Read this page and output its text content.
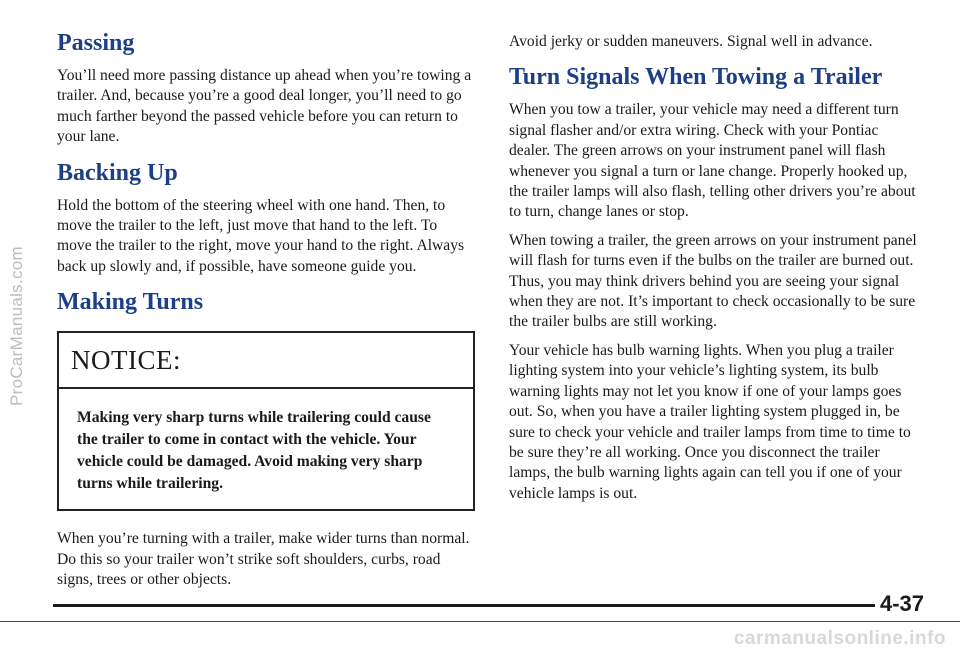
ProCarManuals.com
Passing

You’ll need more passing distance up ahead when you’re towing a trailer. And, because you’re a good deal longer, you’ll need to go much farther beyond the passed vehicle before you can return to your lane.

Backing Up

Hold the bottom of the steering wheel with one hand. Then, to move the trailer to the left, just move that hand to the left. To move the trailer to the right, move your hand to the right. Always back up slowly and, if possible, have someone guide you.

Making Turns
NOTICE:
Making very sharp turns while trailering could cause the trailer to come in contact with the vehicle. Your vehicle could be damaged. Avoid making very sharp turns while trailering.

When you’re turning with a trailer, make wider turns than normal. Do this so your trailer won’t strike soft shoulders, curbs, road signs, trees or other objects.

Avoid jerky or sudden maneuvers. Signal well in advance.

Turn Signals When Towing a Trailer

When you tow a trailer, your vehicle may need a different turn signal flasher and/or extra wiring. Check with your Pontiac dealer. The green arrows on your instrument panel will flash whenever you signal a turn or lane change. Properly hooked up, the trailer lamps will also flash, telling other drivers you’re about to turn, change lanes or stop.

When towing a trailer, the green arrows on your instrument panel will flash for turns even if the bulbs on the trailer are burned out. Thus, you may think drivers behind you are seeing your signal when they are not. It’s important to check occasionally to be sure the trailer bulbs are still working.

Your vehicle has bulb warning lights. When you plug a trailer lighting system into your vehicle’s lighting system, its bulb warning lights may not let you know if one of your lamps goes out. So, when you have a trailer lighting system plugged in, be sure to check your vehicle and trailer lamps from time to time to be sure they’re all working. Once you disconnect the trailer lamps, the bulb warning lights again can tell you if one of your vehicle lamps is out.

4-37
carmanualsonline.info
